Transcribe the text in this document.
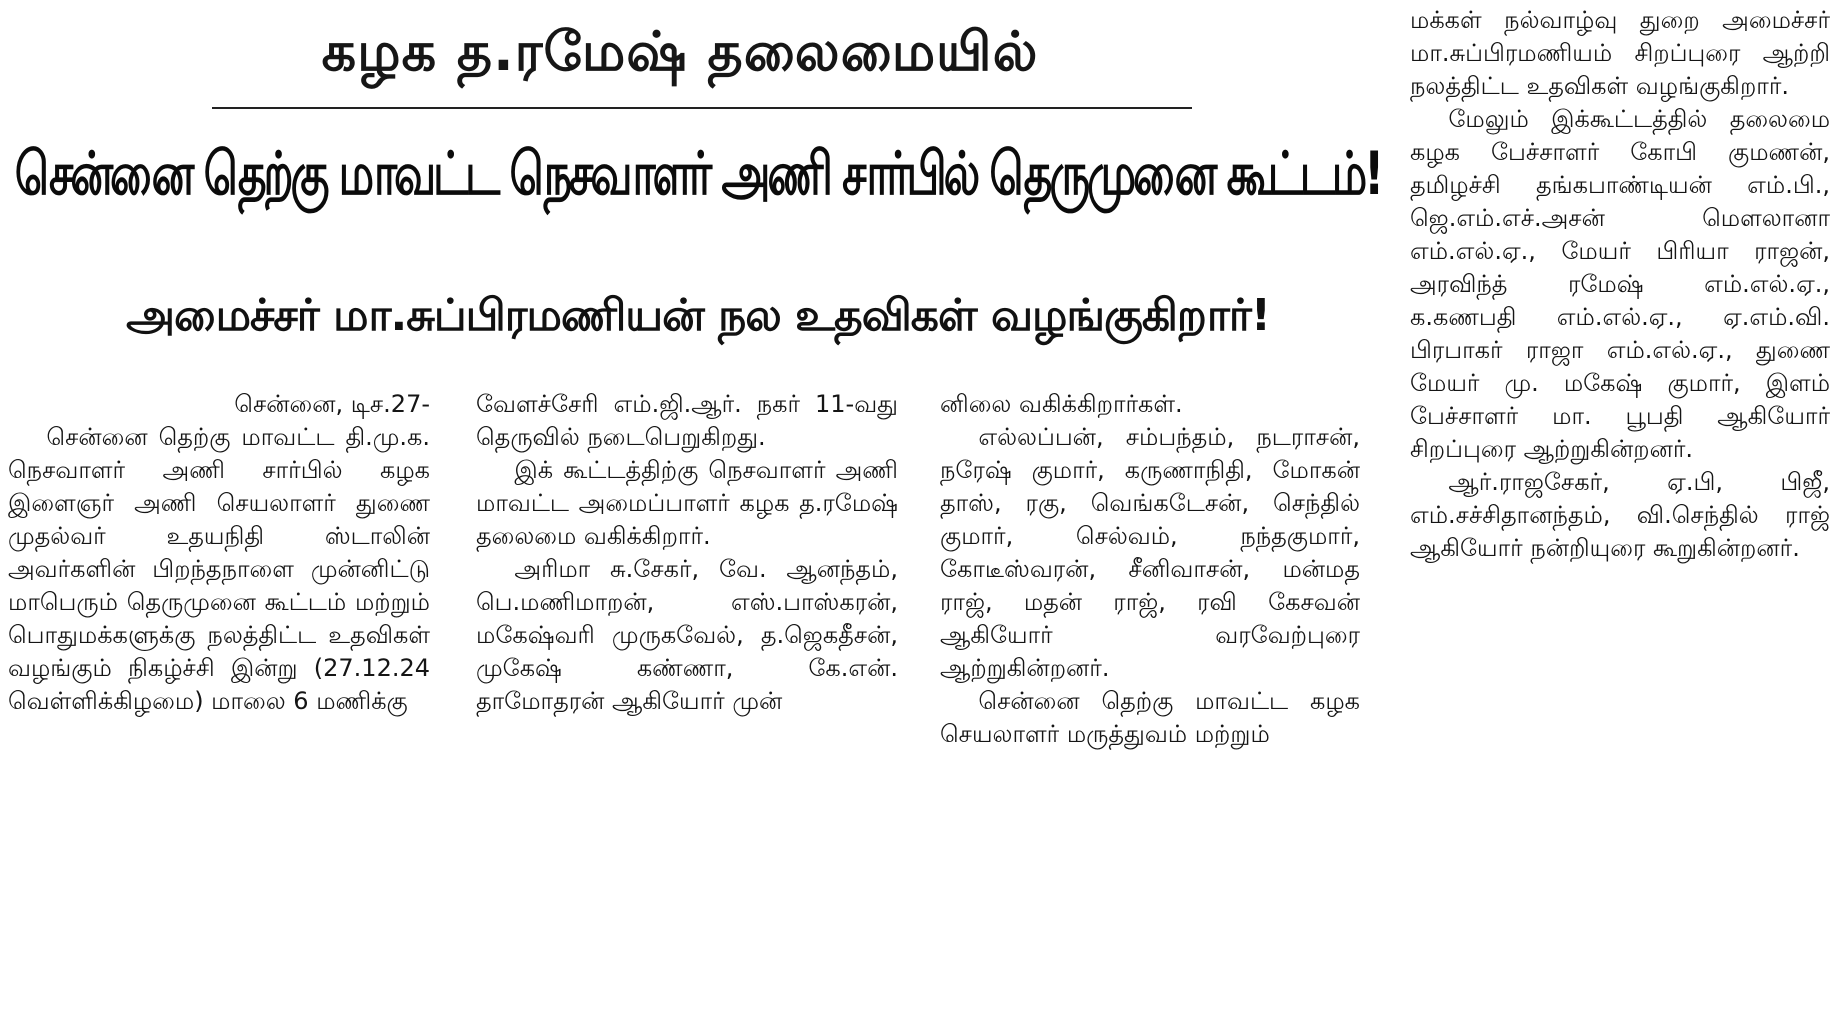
கழக த.ரமேஷ் தலைமையில்
சென்னை தெற்கு மாவட்ட நெசவாளர் அணி சார்பில் தெருமுனை கூட்டம்!
அமைச்சர் மா.சுப்பிரமணியன் நல உதவிகள் வழங்குகிறார்!

சென்னை, டிச.27-

சென்னை தெற்கு மாவட்ட தி.மு.க. நெசவாளர் அணி சார்பில் கழக இளைஞர் அணி செயலாளர் துணை முதல்வர் உதயநிதி ஸ்டாலின் அவர்களின் பிறந்தநாளை முன்னிட்டு மாபெரும் தெருமுனை கூட்டம் மற்றும் பொதுமக்களுக்கு நலத்திட்ட உதவிகள் வழங்கும் நிகழ்ச்சி இன்று (27.12.24 வெள்ளிக்கிழமை) மாலை 6 மணிக்கு

வேளச்சேரி எம்.ஜி.ஆர். நகர் 11-வது தெருவில் நடைபெறுகிறது.

இக் கூட்டத்திற்கு நெசவாளர் அணி மாவட்ட அமைப்பாளர் கழக த.ரமேஷ் தலைமை வகிக்கிறார்.

அரிமா சு.சேகர், வே. ஆனந்தம், பெ.மணிமாறன், எஸ்.பாஸ்கரன், மகேஷ்வரி முருகவேல், த.ஜெகதீசன், முகேஷ் கண்ணா, கே.என். தாமோதரன் ஆகியோர் முன்

னிலை வகிக்கிறார்கள்.

எல்லப்பன், சம்பந்தம், நடராசன், நரேஷ் குமார், கருணாநிதி, மோகன் தாஸ், ரகு, வெங்கடேசன், செந்தில் குமார், செல்வம், நந்தகுமார், கோடீஸ்வரன், சீனிவாசன், மன்மத ராஜ், மதன் ராஜ், ரவி கேசவன் ஆகியோர் வரவேற்புரை ஆற்றுகின்றனர்.

சென்னை தெற்கு மாவட்ட கழக செயலாளர் மருத்துவம் மற்றும்

மக்கள் நல்வாழ்வு துறை அமைச்சர் மா.சுப்பிரமணியம் சிறப்புரை ஆற்றி நலத்திட்ட உதவிகள் வழங்குகிறார்.

மேலும் இக்கூட்டத்தில் தலைமை கழக பேச்சாளர் கோபி குமணன், தமிழச்சி தங்கபாண்டியன் எம்.பி., ஜெ.எம்.எச்.அசன் மௌலானா எம்.எல்.ஏ., மேயர் பிரியா ராஜன், அரவிந்த் ரமேஷ் எம்.எல்.ஏ., க.கணபதி எம்.எல்.ஏ., ஏ.எம்.வி. பிரபாகர் ராஜா எம்.எல்.ஏ., துணை மேயர் மு. மகேஷ் குமார், இளம் பேச்சாளர் மா. பூபதி ஆகியோர் சிறப்புரை ஆற்றுகின்றனர்.

ஆர்.ராஜசேகர், ஏ.பி, பிஜீ, எம்.சச்சிதானந்தம், வி.செந்தில் ராஜ் ஆகியோர் நன்றியுரை கூறுகின்றனர்.
